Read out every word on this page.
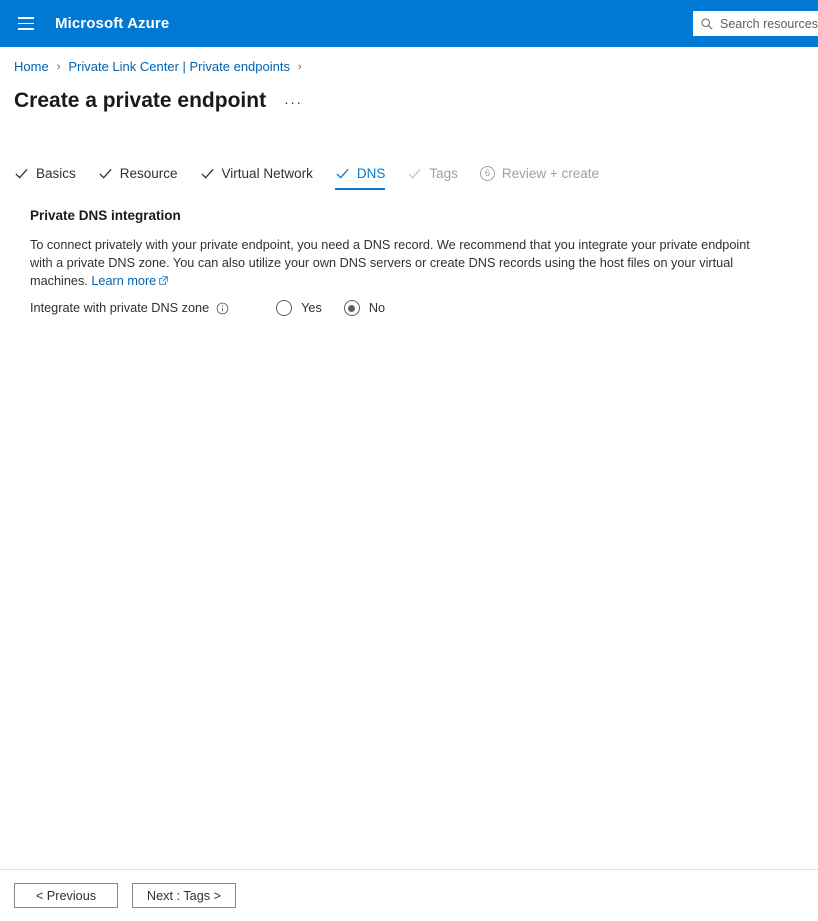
Microsoft Azure	Search resources
Home › Private Link Center | Private endpoints ›
Create a private endpoint ···
Basics	Resource	Virtual Network	DNS	Tags	6 Review + create
Private DNS integration
To connect privately with your private endpoint, you need a DNS record. We recommend that you integrate your private endpoint with a private DNS zone. You can also utilize your own DNS servers or create DNS records using the host files on your virtual machines. Learn more
Integrate with private DNS zone	Yes	No
< Previous	Next : Tags >
